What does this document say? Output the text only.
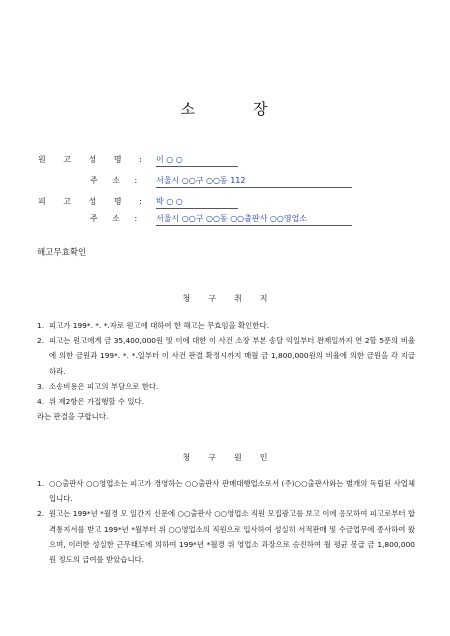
소	장
원 고 성 명 : 이 ○ ○
주 소 :	서울시 ○○구 ○○동 112
피 고 성 명 : 박 ○ ○
주 소 :	서울시 ○○구 ○○동 ○○출판사 ○○영업소
해고무효확인
청 구 취 지
1. 피고가 199*. *. *.자로 원고에 대하여 한 해고는 무효임을 확인한다.
2. 피고는 원고에게 금 35,400,000원 및 이에 대한 이 사건 소장 부본 송달 익일부터 완제일까지 연 2할 5푼의 비율에 의한 금원과 199*. *. *.일부터 이 사건 판결 확정시까지 매월 금 1,800,000원의 비율에 의한 금원을 각 지급하라.
3. 소송비용은 피고의 부담으로 한다.
4. 위 제2항은 가집행할 수 있다.
라는 판결을 구합니다.
청 구 원 인
1. ○○출판사 ○○영업소는 피고가 경영하는 ○○출판사 판매대행업소로서 (주)○○출판사와는 별개의 독립된 사업체입니다.
2. 원고는 199*년 *월경 모 일간지 신문에 ○○출판사 ○○영업소 직원 모집광고를 보고 이에 응모하여 피고로부터 합격통지서를 받고 199*년 *월부터 위 ○○영업소의 직원으로 입사하여 성실히 서적판매 및 수금업무에 종사하여 왔으며, 이러한 성실한 근무태도에 의하여 199*년 *월경 위 영업소 과장으로 승진하여 월 평균 봉급 금 1,800,000원 정도의 급여를 받았습니다.
